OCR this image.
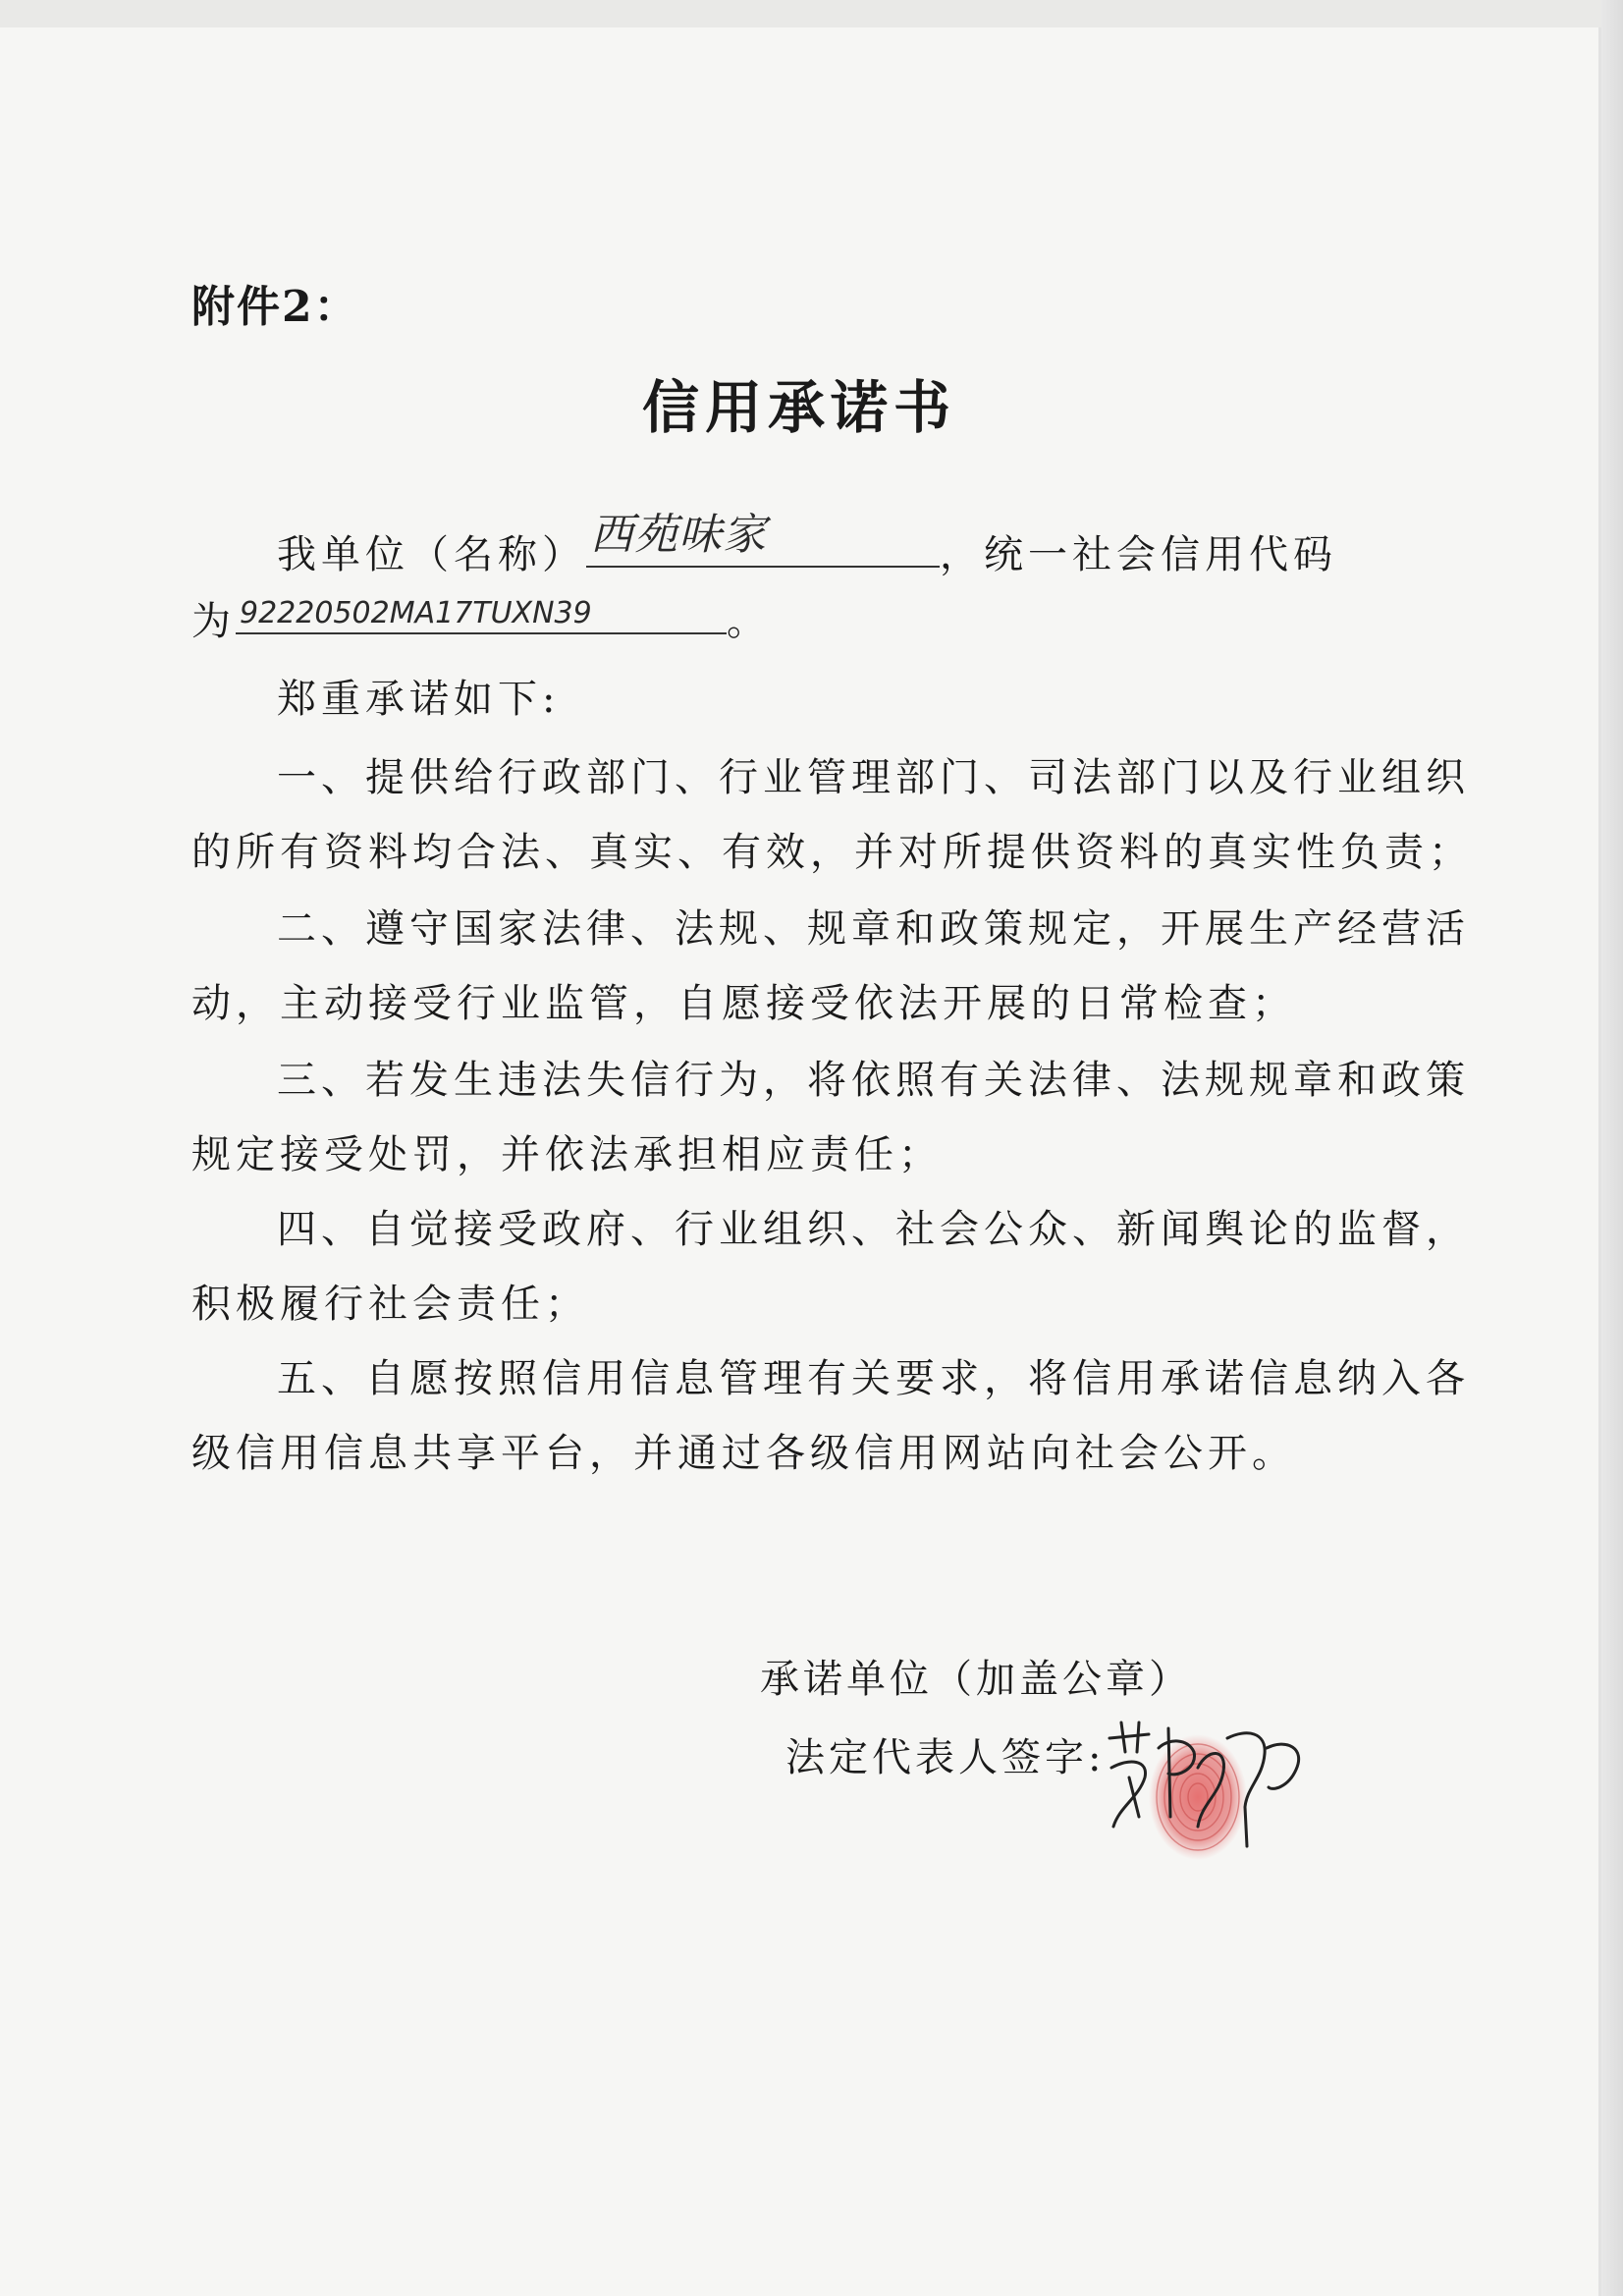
附件2：
信用承诺书
我单位（名称） 西苑味家	，统一社会信用代码
为 92220502MA17TUXN39	。
郑重承诺如下:
一、提供给行政部门、行业管理部门、司法部门以及行业组织
的所有资料均合法、真实、有效，并对所提供资料的真实性负责；
二、遵守国家法律、法规、规章和政策规定，开展生产经营活
动，主动接受行业监管，自愿接受依法开展的日常检查；
三、若发生违法失信行为，将依照有关法律、法规规章和政策
规定接受处罚，并依法承担相应责任；
四、自觉接受政府、行业组织、社会公众、新闻舆论的监督，
积极履行社会责任；
五、自愿按照信用信息管理有关要求，将信用承诺信息纳入各
级信用信息共享平台，并通过各级信用网站向社会公开。
承诺单位（加盖公章）
法定代表人签字:
